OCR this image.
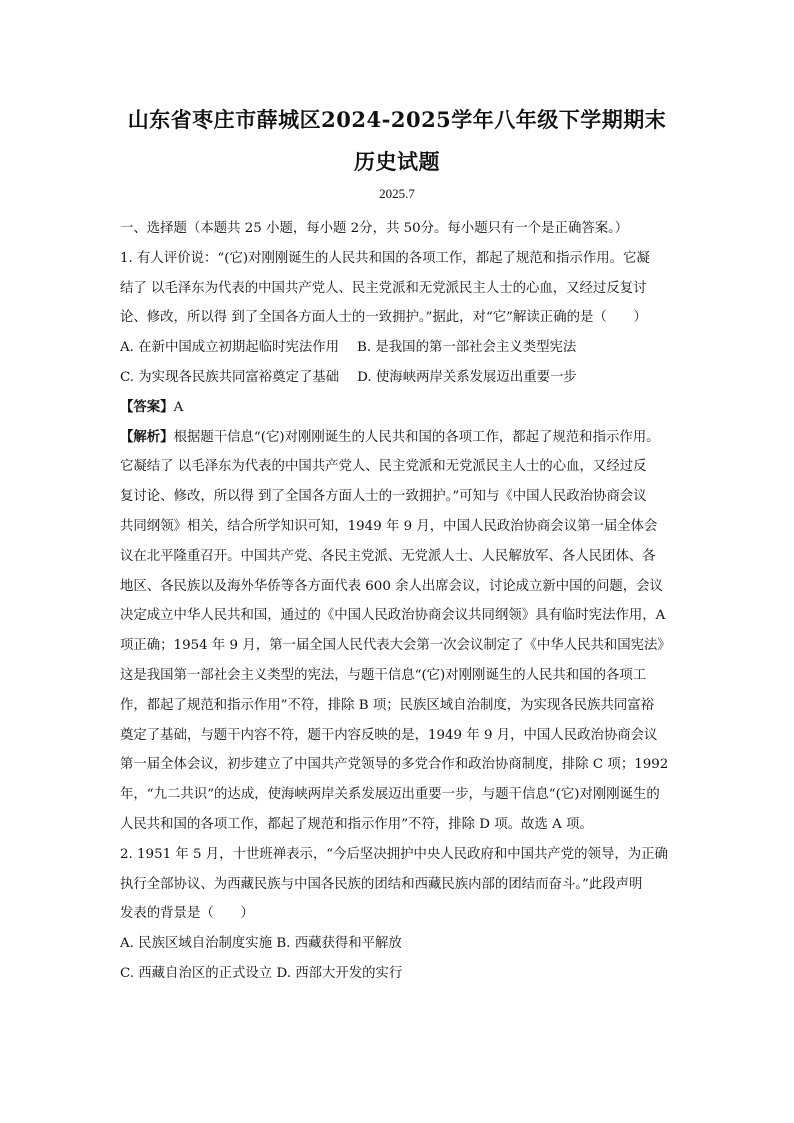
山东省枣庄市薛城区2024-2025学年八年级下学期期末
历史试题
2025.7

一、选择题（本题共 25 小题，每小题 2分，共 50分。每小题只有一个是正确答案。）

1. 有人评价说：“(它)对刚刚诞生的人民共和国的各项工作，都起了规范和指示作用。它凝

结了 以毛泽东为代表的中国共产党人、民主党派和无党派民主人士的心血，又经过反复讨

论、修改，所以得 到了全国各方面人士的一致拥护。”据此，对“它”解读正确的是（　　）

A. 在新中国成立初期起临时宪法作用 B. 是我国的第一部社会主义类型宪法

C. 为实现各民族共同富裕奠定了基础 D. 使海峡两岸关系发展迈出重要一步

【答案】A

【解析】根据题干信息“(它)对刚刚诞生的人民共和国的各项工作，都起了规范和指示作用。

它凝结了 以毛泽东为代表的中国共产党人、民主党派和无党派民主人士的心血，又经过反

复讨论、修改，所以得 到了全国各方面人士的一致拥护。”可知与《中国人民政治协商会议

共同纲领》相关，结合所学知识可知，1949 年 9 月，中国人民政治协商会议第一届全体会

议在北平隆重召开。中国共产党、各民主党派、无党派人士、人民解放军、各人民团体、各

地区、各民族以及海外华侨等各方面代表 600 余人出席会议，讨论成立新中国的问题，会议

决定成立中华人民共和国，通过的《中国人民政治协商会议共同纲领》具有临时宪法作用，A

项正确；1954 年 9 月，第一届全国人民代表大会第一次会议制定了《中华人民共和国宪法》

这是我国第一部社会主义类型的宪法，与题干信息“(它)对刚刚诞生的人民共和国的各项工

作，都起了规范和指示作用”不符，排除 B 项；民族区域自治制度，为实现各民族共同富裕

奠定了基础，与题干内容不符，题干内容反映的是，1949 年 9 月，中国人民政治协商会议

第一届全体会议，初步建立了中国共产党领导的多党合作和政治协商制度，排除 C 项；1992

年，“九二共识”的达成，使海峡两岸关系发展迈出重要一步，与题干信息“(它)对刚刚诞生的

人民共和国的各项工作，都起了规范和指示作用”不符，排除 D 项。故选 A 项。

2. 1951 年 5 月，十世班禅表示，“今后坚决拥护中央人民政府和中国共产党的领导，为正确

执行全部协议、为西藏民族与中国各民族的团结和西藏民族内部的团结而奋斗。”此段声明

发表的背景是（　　）

A. 民族区域自治制度实施 B. 西藏获得和平解放

C. 西藏自治区的正式设立 D. 西部大开发的实行
